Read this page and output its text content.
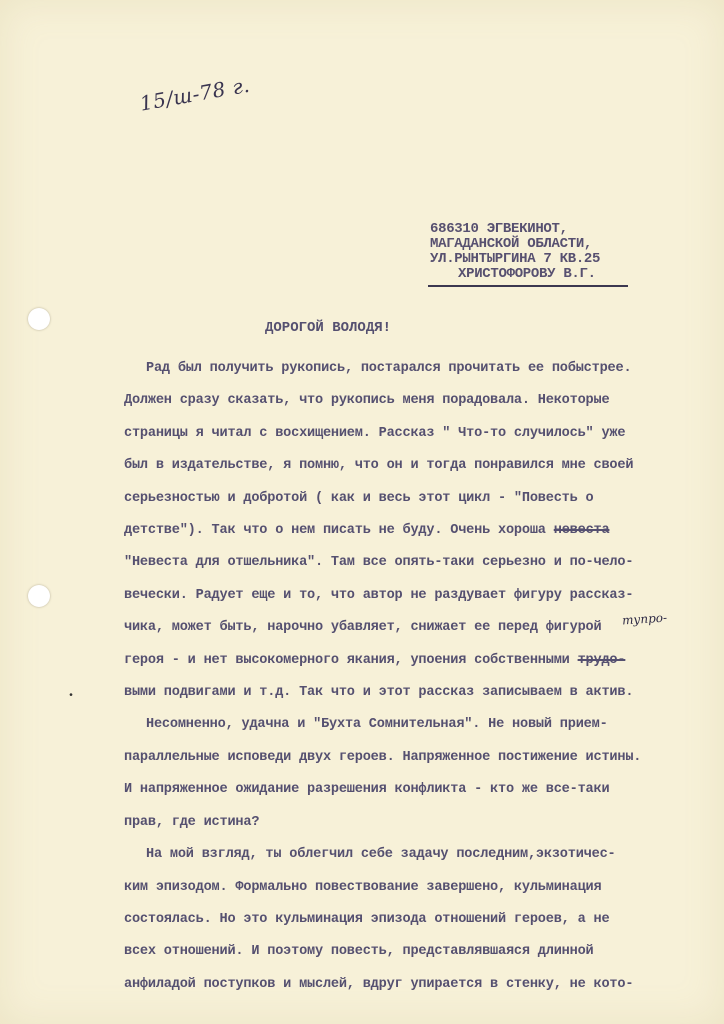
15/ш-78 г.
•
686310 ЭГВЕКИНОТ,
МАГАДАНСКОЙ ОБЛАСТИ,
УЛ.РЫНТЫРГИНА 7 КВ.25
ХРИСТОФОРОВУ В.Г.
ДОРОГОЙ ВОЛОДЯ!
Рад был получить рукопись, постарался прочитать ее побыстрее.
Должен сразу сказать, что рукопись меня порадовала. Некоторые
страницы я читал с восхищением. Рассказ " Что-то случилось" уже
был в издательстве, я помню, что он и тогда понравился мне своей
серьезностью и добротой ( как и весь этот цикл - "Повесть о
детстве"). Так что о нем писать не буду. Очень хороша невеста
"Невеста для отшельника". Там все опять-таки серьезно и по-чело-
вечески. Радует еще и то, что автор не раздувает фигуру рассказ-
чика, может быть, нарочно убавляет, снижает ее перед фигурой
героя - и нет высокомерного якания, упоения собственными трудо-
выми подвигами и т.д. Так что и этот рассказ записываем в актив.
Несомненно, удачна и "Бухта Сомнительная". Не новый прием-
параллельные исповеди двух героев. Напряженное постижение истины.
И напряженное ожидание разрешения конфликта - кто же все-таки
прав, где истина?
На мой взгляд, ты облегчил себе задачу последним,экзотичес-
ким эпизодом. Формально повествование завершено, кульминация
состоялась. Но это кульминация эпизода отношений героев, а не
всех отношений. И поэтому повесть, представлявшаяся длинной
анфиладой поступков и мыслей, вдруг упирается в стенку, не кото-
тупро-
